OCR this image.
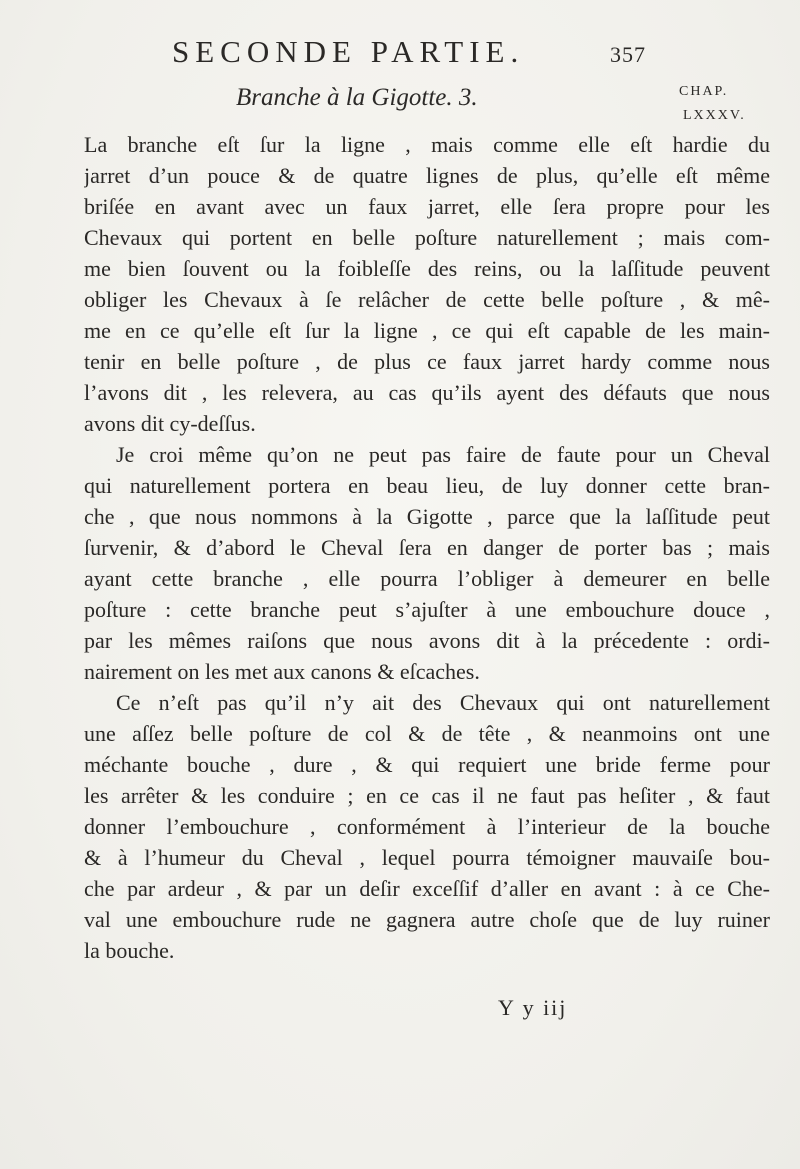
SECONDE PARTIE.	357
Branche à la Gigotte. 3.	CHAP.
LXXXV.
La branche eſt ſur la ligne , mais comme elle eſt hardie du
jarret d’un pouce & de quatre lignes de plus, qu’elle eſt même
briſée en avant avec un faux jarret, elle ſera propre pour les
Chevaux qui portent en belle poſture naturellement ; mais com-
me bien ſouvent ou la foibleſſe des reins, ou la laſſitude peuvent
obliger les Chevaux à ſe relâcher de cette belle poſture , & mê-
me en ce qu’elle eſt ſur la ligne , ce qui eſt capable de les main-
tenir en belle poſture , de plus ce faux jarret hardy comme nous
l’avons dit , les relevera, au cas qu’ils ayent des défauts que nous
avons dit cy-deſſus.
Je croi même qu’on ne peut pas faire de faute pour un Cheval
qui naturellement portera en beau lieu, de luy donner cette bran-
che , que nous nommons à la Gigotte , parce que la laſſitude peut
ſurvenir, & d’abord le Cheval ſera en danger de porter bas ; mais
ayant cette branche , elle pourra l’obliger à demeurer en belle
poſture : cette branche peut s’ajuſter à une embouchure douce ,
par les mêmes raiſons que nous avons dit à la précedente : ordi-
nairement on les met aux canons & eſcaches.
Ce n’eſt pas qu’il n’y ait des Chevaux qui ont naturellement
une aſſez belle poſture de col & de tête , & neanmoins ont une
méchante bouche , dure , & qui requiert une bride ferme pour
les arrêter & les conduire ; en ce cas il ne faut pas heſiter , & faut
donner l’embouchure , conformément à l’interieur de la bouche
& à l’humeur du Cheval , lequel pourra témoigner mauvaiſe bou-
che par ardeur , & par un deſir exceſſif d’aller en avant : à ce Che-
val une embouchure rude ne gagnera autre choſe que de luy ruiner
la bouche.
Y y iij
